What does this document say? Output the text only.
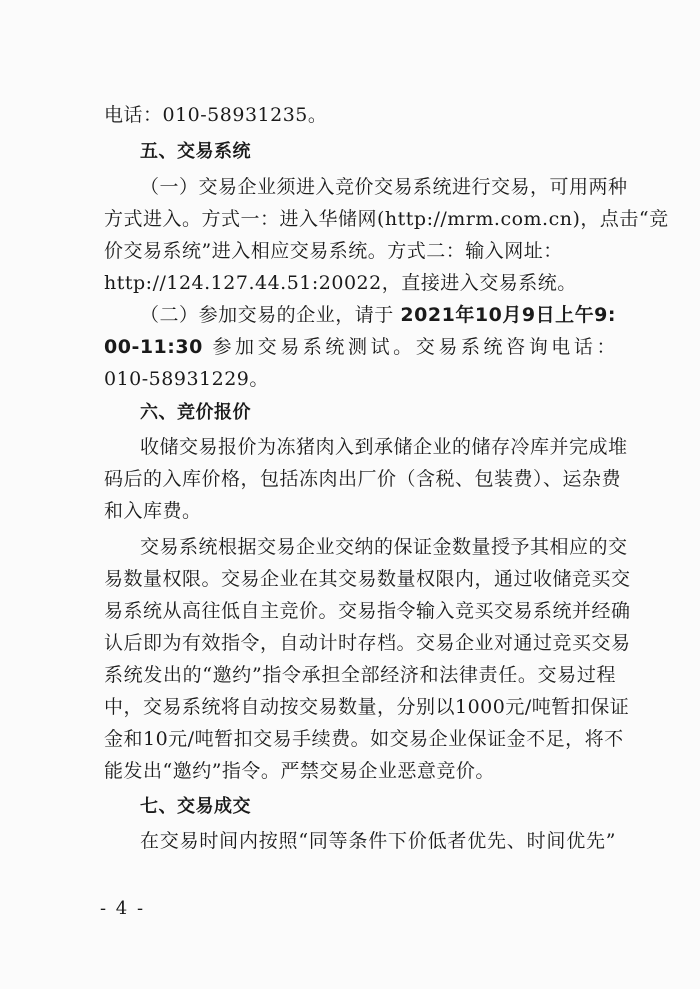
电话：010-58931235。
五、交易系统
（一）交易企业须进入竞价交易系统进行交易，可用两种
方式进入。方式一：进入华储网(http://mrm.com.cn)，点击“竞
价交易系统”进入相应交易系统。方式二：输入网址：
http://124.127.44.51:20022，直接进入交易系统。
（二）参加交易的企业，请于 2021年10月9日上午9:
00-11:30 参加交易系统测试。交易系统咨询电话：
010-58931229。
六、竞价报价
收储交易报价为冻猪肉入到承储企业的储存冷库并完成堆
码后的入库价格，包括冻肉出厂价（含税、包装费）、运杂费
和入库费。
交易系统根据交易企业交纳的保证金数量授予其相应的交
易数量权限。交易企业在其交易数量权限内，通过收储竞买交
易系统从高往低自主竞价。交易指令输入竞买交易系统并经确
认后即为有效指令，自动计时存档。交易企业对通过竞买交易
系统发出的“邀约”指令承担全部经济和法律责任。交易过程
中，交易系统将自动按交易数量，分别以1000元/吨暂扣保证
金和10元/吨暂扣交易手续费。如交易企业保证金不足，将不
能发出“邀约”指令。严禁交易企业恶意竞价。
七、交易成交
在交易时间内按照“同等条件下价低者优先、时间优先”
- 4 -
